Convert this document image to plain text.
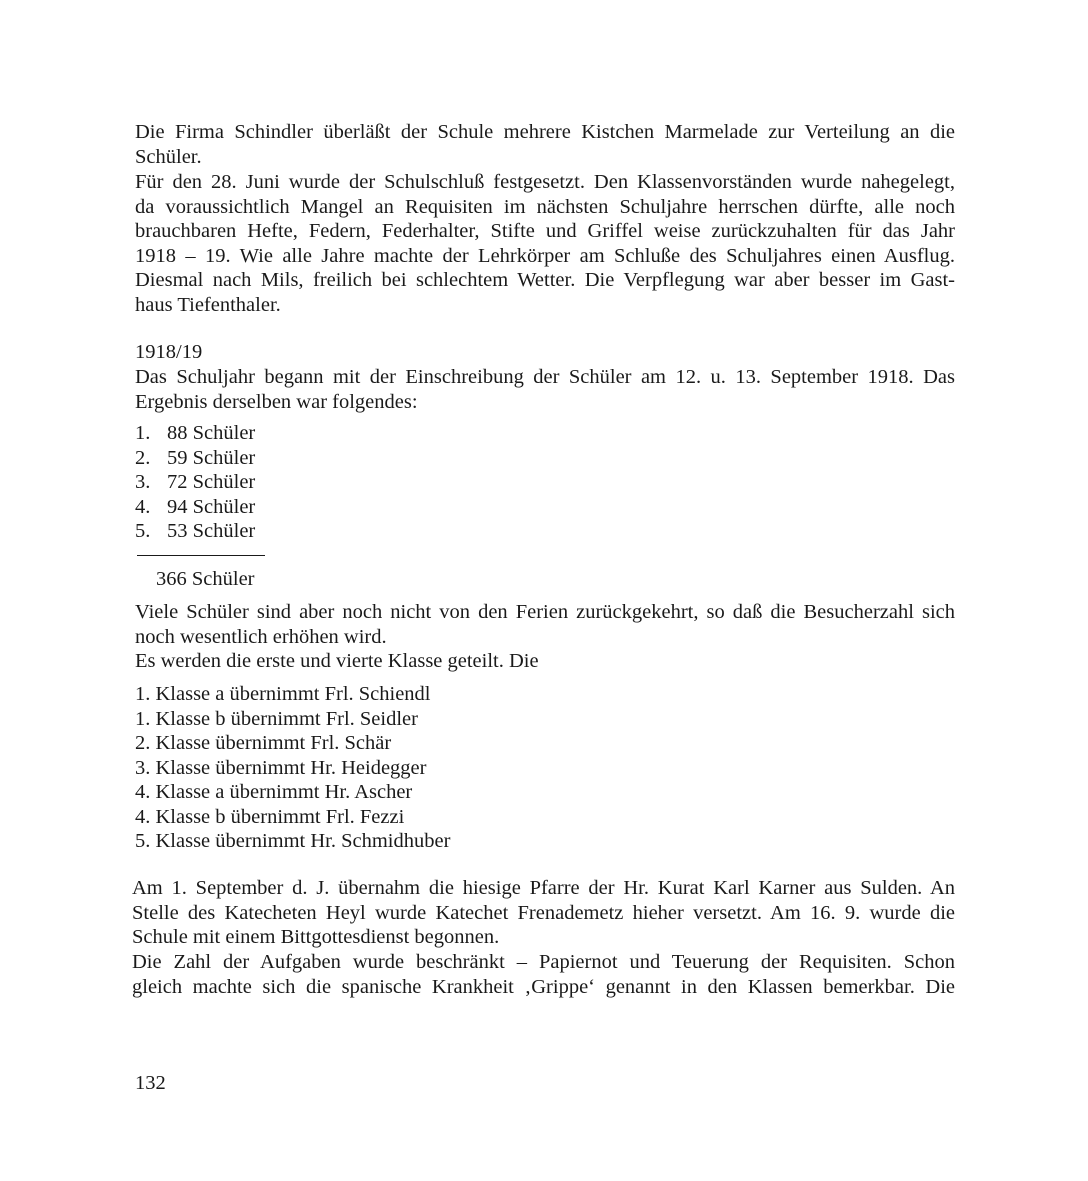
Die Firma Schindler überläßt der Schule mehrere Kistchen Marmelade zur Verteilung an die
Schüler.
Für den 28. Juni wurde der Schulschluß festgesetzt. Den Klassenvorständen wurde nahegelegt,
da voraussichtlich Mangel an Requisiten im nächsten Schuljahre herrschen dürfte, alle noch
brauchbaren Hefte, Federn, Federhalter, Stifte und Griffel weise zurückzuhalten für das Jahr
1918 – 19. Wie alle Jahre machte der Lehrkörper am Schluße des Schuljahres einen Ausflug.
Diesmal nach Mils, freilich bei schlechtem Wetter. Die Verpflegung war aber besser im Gast-
haus Tiefenthaler.
1918/19
Das Schuljahr begann mit der Einschreibung der Schüler am 12. u. 13. September 1918. Das
Ergebnis derselben war folgendes:
1. 88 Schüler
2. 59 Schüler
3. 72 Schüler
4. 94 Schüler
5. 53 Schüler
366 Schüler
Viele Schüler sind aber noch nicht von den Ferien zurückgekehrt, so daß die Besucherzahl sich
noch wesentlich erhöhen wird.
Es werden die erste und vierte Klasse geteilt. Die
1. Klasse a übernimmt Frl. Schiendl
1. Klasse b übernimmt Frl. Seidler
2. Klasse übernimmt Frl. Schär
3. Klasse übernimmt Hr. Heidegger
4. Klasse a übernimmt Hr. Ascher
4. Klasse b übernimmt Frl. Fezzi
5. Klasse übernimmt Hr. Schmidhuber
Am 1. September d. J. übernahm die hiesige Pfarre der Hr. Kurat Karl Karner aus Sulden. An
Stelle des Katecheten Heyl wurde Katechet Frenademetz hieher versetzt. Am 16. 9. wurde die
Schule mit einem Bittgottesdienst begonnen.
Die Zahl der Aufgaben wurde beschränkt – Papiernot und Teuerung der Requisiten. Schon
gleich machte sich die spanische Krankheit ‚Grippe‘ genannt in den Klassen bemerkbar. Die
132
